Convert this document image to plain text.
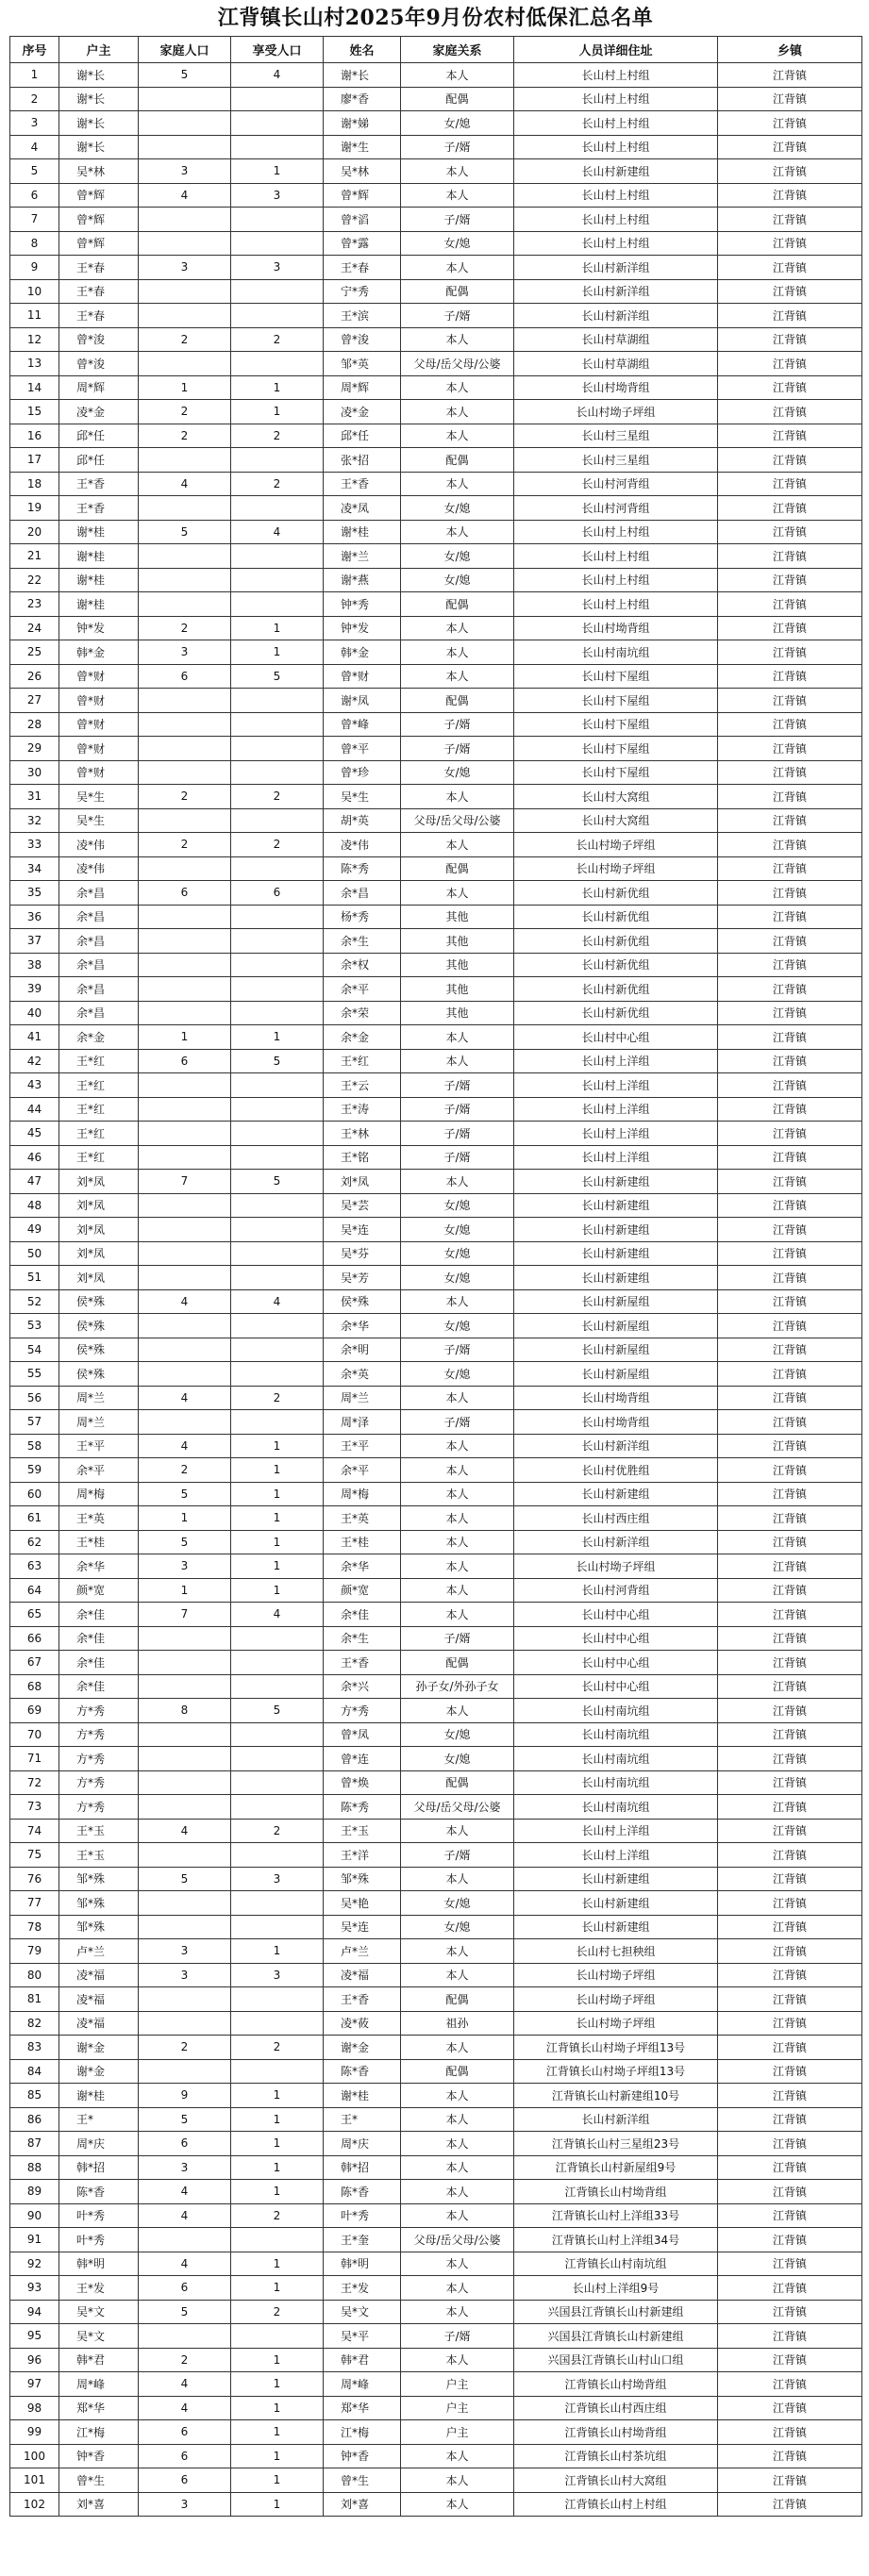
江背镇长山村2025年9月份农村低保汇总名单
序号	户主	家庭人口	享受人口	姓名	家庭关系	人员详细住址	乡镇
1	谢*长	5	4	谢*长	本人	长山村上村组	江背镇
2	谢*长			廖*香	配偶	长山村上村组	江背镇
3	谢*长			谢*娣	女/媳	长山村上村组	江背镇
4	谢*长			谢*生	子/婿	长山村上村组	江背镇
5	吴*林	3	1	吴*林	本人	长山村新建组	江背镇
6	曾*辉	4	3	曾*辉	本人	长山村上村组	江背镇
7	曾*辉			曾*滔	子/婿	长山村上村组	江背镇
8	曾*辉			曾*露	女/媳	长山村上村组	江背镇
9	王*春	3	3	王*春	本人	长山村新洋组	江背镇
10	王*春			宁*秀	配偶	长山村新洋组	江背镇
11	王*春			王*滨	子/婿	长山村新洋组	江背镇
12	曾*浚	2	2	曾*浚	本人	长山村草湖组	江背镇
13	曾*浚			邹*英	父母/岳父母/公婆	长山村草湖组	江背镇
14	周*辉	1	1	周*辉	本人	长山村坳背组	江背镇
15	凌*金	2	1	凌*金	本人	长山村坳子坪组	江背镇
16	邱*任	2	2	邱*任	本人	长山村三星组	江背镇
17	邱*任			张*招	配偶	长山村三星组	江背镇
18	王*香	4	2	王*香	本人	长山村河背组	江背镇
19	王*香			凌*凤	女/媳	长山村河背组	江背镇
20	谢*桂	5	4	谢*桂	本人	长山村上村组	江背镇
21	谢*桂			谢*兰	女/媳	长山村上村组	江背镇
22	谢*桂			谢*燕	女/媳	长山村上村组	江背镇
23	谢*桂			钟*秀	配偶	长山村上村组	江背镇
24	钟*发	2	1	钟*发	本人	长山村坳背组	江背镇
25	韩*金	3	1	韩*金	本人	长山村南坑组	江背镇
26	曾*财	6	5	曾*财	本人	长山村下屋组	江背镇
27	曾*财			谢*凤	配偶	长山村下屋组	江背镇
28	曾*财			曾*峰	子/婿	长山村下屋组	江背镇
29	曾*财			曾*平	子/婿	长山村下屋组	江背镇
30	曾*财			曾*珍	女/媳	长山村下屋组	江背镇
31	吴*生	2	2	吴*生	本人	长山村大窝组	江背镇
32	吴*生			胡*英	父母/岳父母/公婆	长山村大窝组	江背镇
33	凌*伟	2	2	凌*伟	本人	长山村坳子坪组	江背镇
34	凌*伟			陈*秀	配偶	长山村坳子坪组	江背镇
35	余*昌	6	6	余*昌	本人	长山村新优组	江背镇
36	余*昌			杨*秀	其他	长山村新优组	江背镇
37	余*昌			余*生	其他	长山村新优组	江背镇
38	余*昌			余*权	其他	长山村新优组	江背镇
39	余*昌			余*平	其他	长山村新优组	江背镇
40	余*昌			余*荣	其他	长山村新优组	江背镇
41	余*金	1	1	余*金	本人	长山村中心组	江背镇
42	王*红	6	5	王*红	本人	长山村上洋组	江背镇
43	王*红			王*云	子/婿	长山村上洋组	江背镇
44	王*红			王*涛	子/婿	长山村上洋组	江背镇
45	王*红			王*林	子/婿	长山村上洋组	江背镇
46	王*红			王*铭	子/婿	长山村上洋组	江背镇
47	刘*凤	7	5	刘*凤	本人	长山村新建组	江背镇
48	刘*凤			吴*芸	女/媳	长山村新建组	江背镇
49	刘*凤			吴*连	女/媳	长山村新建组	江背镇
50	刘*凤			吴*芬	女/媳	长山村新建组	江背镇
51	刘*凤			吴*芳	女/媳	长山村新建组	江背镇
52	侯*殊	4	4	侯*殊	本人	长山村新屋组	江背镇
53	侯*殊			余*华	女/媳	长山村新屋组	江背镇
54	侯*殊			余*明	子/婿	长山村新屋组	江背镇
55	侯*殊			余*英	女/媳	长山村新屋组	江背镇
56	周*兰	4	2	周*兰	本人	长山村坳背组	江背镇
57	周*兰			周*泽	子/婿	长山村坳背组	江背镇
58	王*平	4	1	王*平	本人	长山村新洋组	江背镇
59	余*平	2	1	余*平	本人	长山村优胜组	江背镇
60	周*梅	5	1	周*梅	本人	长山村新建组	江背镇
61	王*英	1	1	王*英	本人	长山村西庄组	江背镇
62	王*桂	5	1	王*桂	本人	长山村新洋组	江背镇
63	余*华	3	1	余*华	本人	长山村坳子坪组	江背镇
64	颜*宽	1	1	颜*宽	本人	长山村河背组	江背镇
65	余*佳	7	4	余*佳	本人	长山村中心组	江背镇
66	余*佳			余*生	子/婿	长山村中心组	江背镇
67	余*佳			王*香	配偶	长山村中心组	江背镇
68	余*佳			余*兴	孙子女/外孙子女	长山村中心组	江背镇
69	方*秀	8	5	方*秀	本人	长山村南坑组	江背镇
70	方*秀			曾*凤	女/媳	长山村南坑组	江背镇
71	方*秀			曾*连	女/媳	长山村南坑组	江背镇
72	方*秀			曾*焕	配偶	长山村南坑组	江背镇
73	方*秀			陈*秀	父母/岳父母/公婆	长山村南坑组	江背镇
74	王*玉	4	2	王*玉	本人	长山村上洋组	江背镇
75	王*玉			王*洋	子/婿	长山村上洋组	江背镇
76	邹*殊	5	3	邹*殊	本人	长山村新建组	江背镇
77	邹*殊			吴*艳	女/媳	长山村新建组	江背镇
78	邹*殊			吴*连	女/媳	长山村新建组	江背镇
79	卢*兰	3	1	卢*兰	本人	长山村七担秧组	江背镇
80	凌*福	3	3	凌*福	本人	长山村坳子坪组	江背镇
81	凌*福			王*香	配偶	长山村坳子坪组	江背镇
82	凌*福			凌*莜	祖孙	长山村坳子坪组	江背镇
83	谢*金	2	2	谢*金	本人	江背镇长山村坳子坪组13号	江背镇
84	谢*金			陈*香	配偶	江背镇长山村坳子坪组13号	江背镇
85	谢*桂	9	1	谢*桂	本人	江背镇长山村新建组10号	江背镇
86	王*	5	1	王*	本人	长山村新洋组	江背镇
87	周*庆	6	1	周*庆	本人	江背镇长山村三星组23号	江背镇
88	韩*招	3	1	韩*招	本人	江背镇长山村新屋组9号	江背镇
89	陈*香	4	1	陈*香	本人	江背镇长山村坳背组	江背镇
90	叶*秀	4	2	叶*秀	本人	江背镇长山村上洋组33号	江背镇
91	叶*秀			王*奎	父母/岳父母/公婆	江背镇长山村上洋组34号	江背镇
92	韩*明	4	1	韩*明	本人	江背镇长山村南坑组	江背镇
93	王*发	6	1	王*发	本人	长山村上洋组9号	江背镇
94	吴*文	5	2	吴*文	本人	兴国县江背镇长山村新建组	江背镇
95	吴*文			吴*平	子/婿	兴国县江背镇长山村新建组	江背镇
96	韩*君	2	1	韩*君	本人	兴国县江背镇长山村山口组	江背镇
97	周*峰	4	1	周*峰	户主	江背镇长山村坳背组	江背镇
98	郑*华	4	1	郑*华	户主	江背镇长山村西庄组	江背镇
99	江*梅	6	1	江*梅	户主	江背镇长山村坳背组	江背镇
100	钟*香	6	1	钟*香	本人	江背镇长山村茶坑组	江背镇
101	曾*生	6	1	曾*生	本人	江背镇长山村大窝组	江背镇
102	刘*喜	3	1	刘*喜	本人	江背镇长山村上村组	江背镇
